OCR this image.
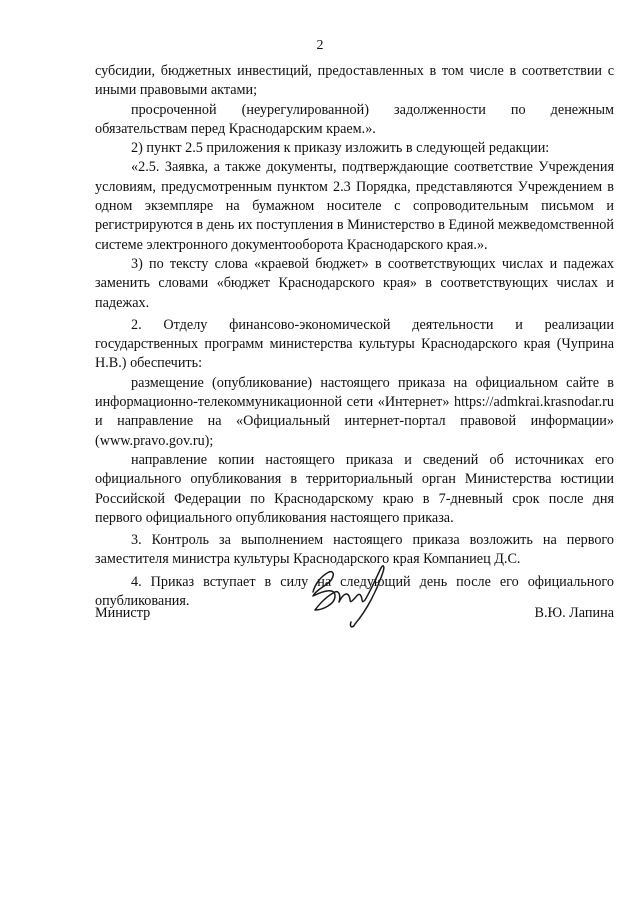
2

субсидии, бюджетных инвестиций, предоставленных в том числе в соответствии с иными правовыми актами;

просроченной (неурегулированной) задолженности по денежным обязательствам перед Краснодарским краем.».

2) пункт 2.5 приложения к приказу изложить в следующей редакции:

«2.5. Заявка, а также документы, подтверждающие соответствие Учреждения условиям, предусмотренным пунктом 2.3 Порядка, представляются Учреждением в одном экземпляре на бумажном носителе с сопроводительным письмом и регистрируются в день их поступления в Министерство в Единой межведомственной системе электронного документооборота Краснодарского края.».

3) по тексту слова «краевой бюджет» в соответствующих числах и падежах заменить словами «бюджет Краснодарского края» в соответствующих числах и падежах.

2. Отделу финансово-экономической деятельности и реализации государственных программ министерства культуры Краснодарского края (Чуприна Н.В.) обеспечить:

размещение (опубликование) настоящего приказа на официальном сайте в информационно-телекоммуникационной сети «Интернет» https://admkrai.krasnodar.ru и направление на «Официальный интернет-портал правовой информации» (www.pravo.gov.ru);

направление копии настоящего приказа и сведений об источниках его официального опубликования в территориальный орган Министерства юстиции Российской Федерации по Краснодарскому краю в 7-дневный срок после дня первого официального опубликования настоящего приказа.

3. Контроль за выполнением настоящего приказа возложить на первого заместителя министра культуры Краснодарского края Компаниец Д.С.

4. Приказ вступает в силу на следующий день после его официального опубликования.

Министр	В.Ю. Лапина
